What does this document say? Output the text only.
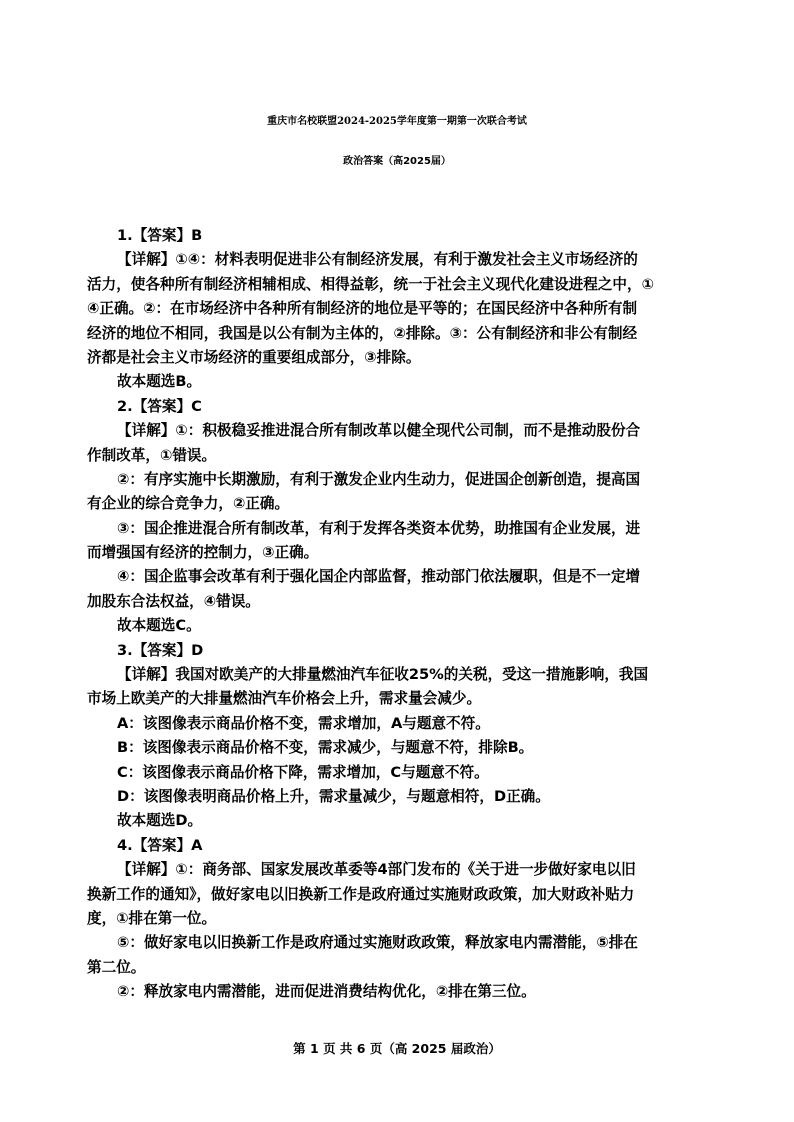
重庆市名校联盟2024-2025学年度第一期第一次联合考试
政治答案（高2025届）
1.【答案】B
【详解】①④：材料表明促进非公有制经济发展，有利于激发社会主义市场经济的
活力，使各种所有制经济相辅相成、相得益彰，统一于社会主义现代化建设进程之中，①
④正确。②：在市场经济中各种所有制经济的地位是平等的；在国民经济中各种所有制
经济的地位不相同，我国是以公有制为主体的，②排除。③：公有制经济和非公有制经
济都是社会主义市场经济的重要组成部分，③排除。
故本题选B。
2.【答案】C
【详解】①：积极稳妥推进混合所有制改革以健全现代公司制，而不是推动股份合
作制改革，①错误。
②：有序实施中长期激励，有利于激发企业内生动力，促进国企创新创造，提高国
有企业的综合竞争力，②正确。
③：国企推进混合所有制改革，有利于发挥各类资本优势，助推国有企业发展，进
而增强国有经济的控制力，③正确。
④：国企监事会改革有利于强化国企内部监督，推动部门依法履职，但是不一定增
加股东合法权益，④错误。
故本题选C。
3.【答案】D
【详解】我国对欧美产的大排量燃油汽车征收25%的关税，受这一措施影响，我国
市场上欧美产的大排量燃油汽车价格会上升，需求量会减少。
A：该图像表示商品价格不变，需求增加，A与题意不符。
B：该图像表示商品价格不变，需求减少，与题意不符，排除B。
C：该图像表示商品价格下降，需求增加，C与题意不符。
D：该图像表明商品价格上升，需求量减少，与题意相符，D正确。
故本题选D。
4.【答案】A
【详解】①：商务部、国家发展改革委等4部门发布的《关于进一步做好家电以旧
换新工作的通知》，做好家电以旧换新工作是政府通过实施财政政策，加大财政补贴力
度，①排在第一位。
⑤：做好家电以旧换新工作是政府通过实施财政政策，释放家电内需潜能，⑤排在
第二位。
②：释放家电内需潜能，进而促进消费结构优化，②排在第三位。
第 1 页 共 6 页（高 2025 届政治）
